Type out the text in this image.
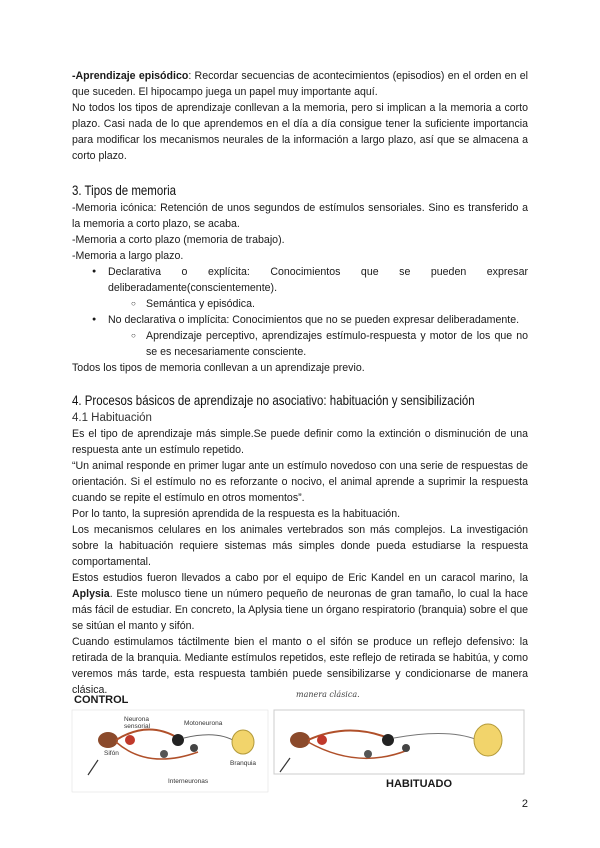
-Aprendizaje episódico: Recordar secuencias de acontecimientos (episodios) en el orden en el que suceden. El hipocampo juega un papel muy importante aquí.

No todos los tipos de aprendizaje conllevan a la memoria, pero si implican a la memoria a corto plazo. Casi nada de lo que aprendemos en el día a día consigue tener la suficiente importancia para modificar los mecanismos neurales de la información a largo plazo, así que se almacena a corto plazo.

3. Tipos de memoria

-Memoria icónica: Retención de unos segundos de estímulos sensoriales. Sino es transferido a la memoria a corto plazo, se acaba.

-Memoria a corto plazo (memoria de trabajo).

-Memoria a largo plazo.

● Declarativa o explícita: Conocimientos que se pueden expresar deliberadamente(conscientemente).
○ Semántica y episódica.
● No declarativa o implícita: Conocimientos que no se pueden expresar deliberadamente.
○ Aprendizaje perceptivo, aprendizajes estímulo-respuesta y motor de los que no se es necesariamente consciente.

Todos los tipos de memoria conllevan a un aprendizaje previo.

4. Procesos básicos de aprendizaje no asociativo: habituación y sensibilización
4.1 Habituación

Es el tipo de aprendizaje más simple.Se puede definir como la extinción o disminución de una respuesta ante un estímulo repetido.

“Un animal responde en primer lugar ante un estímulo novedoso con una serie de respuestas de orientación. Si el estímulo no es reforzante o nocivo, el animal aprende a suprimir la respuesta cuando se repite el estímulo en otros momentos”.

Por lo tanto, la supresión aprendida de la respuesta es la habituación.

Los mecanismos celulares en los animales vertebrados son más complejos. La investigación sobre la habituación requiere sistemas más simples donde pueda estudiarse la respuesta comportamental.

Estos estudios fueron llevados a cabo por el equipo de Eric Kandel en un caracol marino, la Aplysia. Este molusco tiene un número pequeño de neuronas de gran tamaño, lo cual la hace más fácil de estudiar. En concreto, la Aplysia tiene un órgano respiratorio (branquia) sobre el que se sitúan el manto y sifón.

Cuando estimulamos táctilmente bien el manto o el sifón se produce un reflejo defensivo: la retirada de la branquia. Mediante estímulos repetidos, este reflejo de retirada se habitúa, y como veremos más tarde, esta respuesta también puede sensibilizarse y condicionarse de manera clásica.

CONTROL	manera clásica.
HABITUADO
Neurona sensorial	Motoneurona
Sifón
Interneuronas
Branquia
2
